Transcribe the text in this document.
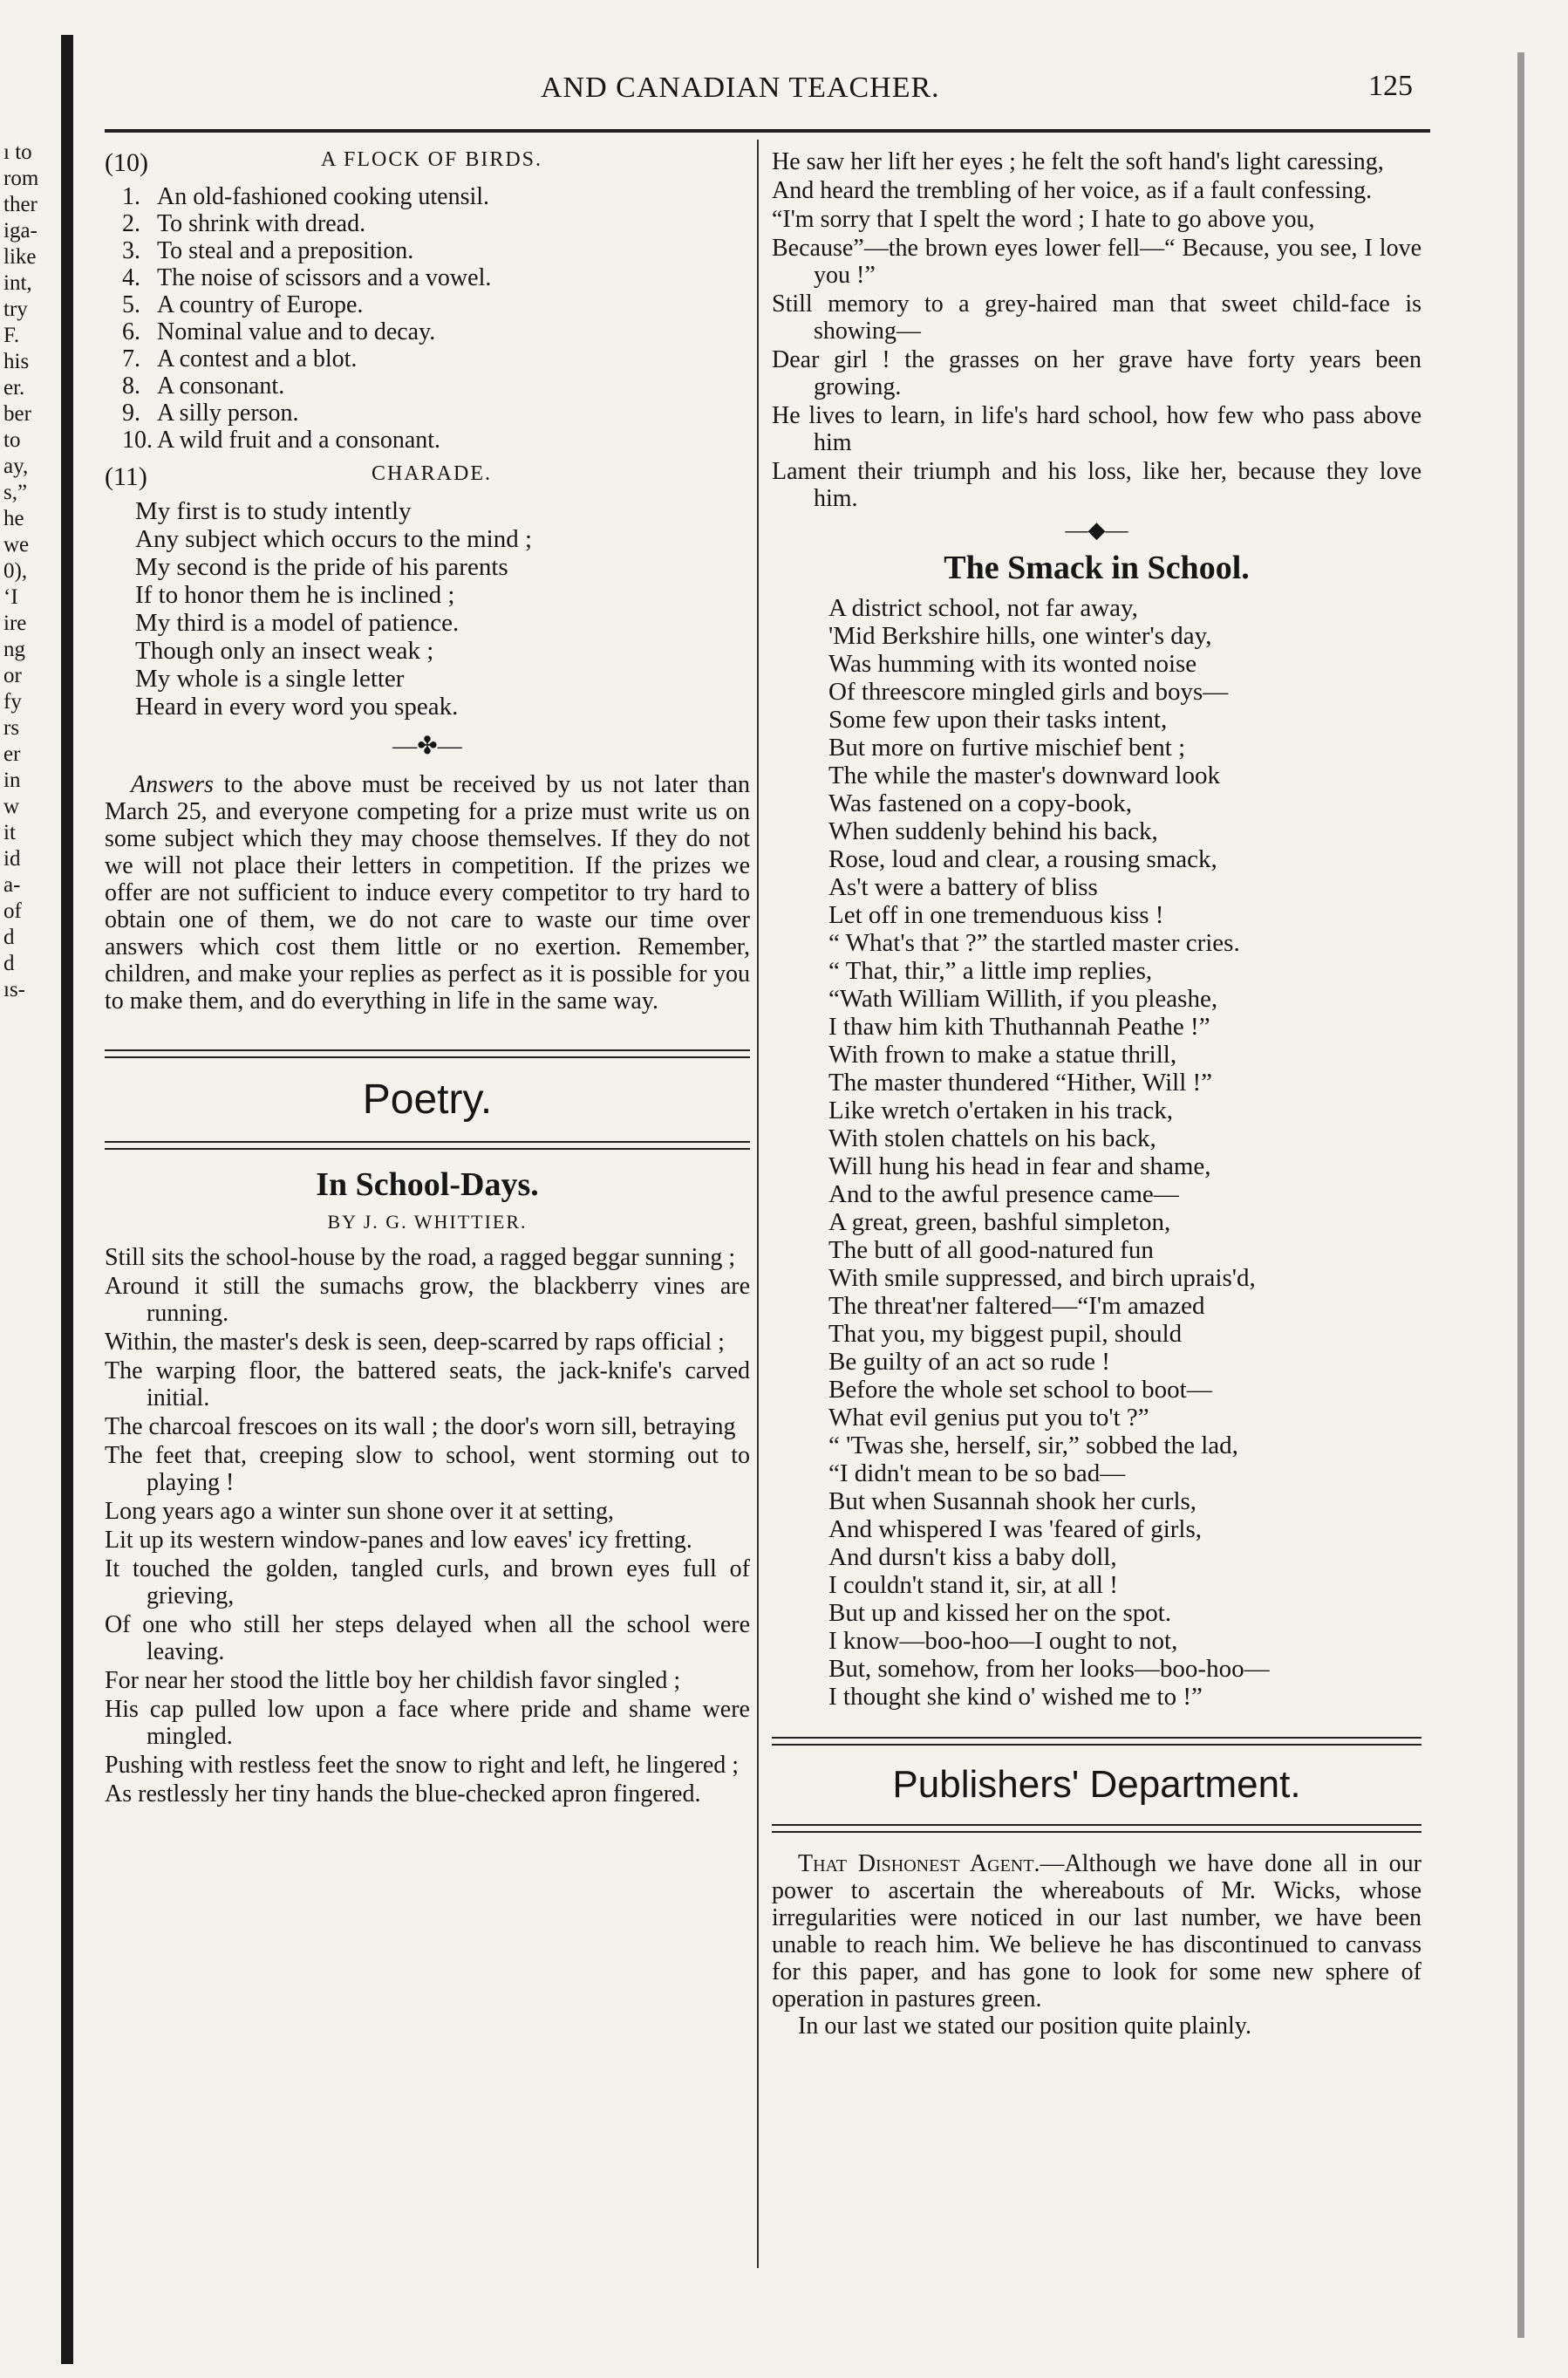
ı to
rom
ther
iga-
like
int,
try
F.
his
er.
ber
to
ay,
s,”
he
we
0),
‘I
ire
ng
or
fy
rs
er
in
w
it
id
a-
of
d
d
ıs-
AND CANADIAN TEACHER.	125
(10)	A FLOCK OF BIRDS.
1. An old-fashioned cooking utensil.
2. To shrink with dread.
3. To steal and a preposition.
4. The noise of scissors and a vowel.
5. A country of Europe.
6. Nominal value and to decay.
7. A contest and a blot.
8. A consonant.
9. A silly person.
10. A wild fruit and a consonant.
(11)	CHARADE.
My first is to study intently
Any subject which occurs to the mind ;
My second is the pride of his parents
If to honor them he is inclined ;
My third is a model of patience.
Though only an insect weak ;
My whole is a single letter
Heard in every word you speak.
—✤—
Answers to the above must be received by us not later than March 25, and everyone competing for a prize must write us on some subject which they may choose themselves. If they do not we will not place their letters in competition. If the prizes we offer are not sufficient to induce every competitor to try hard to obtain one of them, we do not care to waste our time over answers which cost them little or no exertion. Remember, children, and make your replies as perfect as it is possible for you to make them, and do everything in life in the same way.
Poetry.
In School-Days.
BY J. G. WHITTIER.
Still sits the school-house by the road, a ragged beggar sunning ;
Around it still the sumachs grow, the blackberry vines are running.
Within, the master's desk is seen, deep-scarred by raps official ;
The warping floor, the battered seats, the jack-knife's carved initial.
The charcoal frescoes on its wall ; the door's worn sill, betraying
The feet that, creeping slow to school, went storming out to playing !
Long years ago a winter sun shone over it at setting,
Lit up its western window-panes and low eaves' icy fretting.
It touched the golden, tangled curls, and brown eyes full of grieving,
Of one who still her steps delayed when all the school were leaving.
For near her stood the little boy her childish favor singled ;
His cap pulled low upon a face where pride and shame were mingled.
Pushing with restless feet the snow to right and left, he lingered ;
As restlessly her tiny hands the blue-checked apron fingered.
He saw her lift her eyes ; he felt the soft hand's light caressing,
And heard the trembling of her voice, as if a fault confessing.
“I'm sorry that I spelt the word ; I hate to go above you,
Because”—the brown eyes lower fell—“ Because, you see, I love you !”
Still memory to a grey-haired man that sweet child-face is showing—
Dear girl ! the grasses on her grave have forty years been growing.
He lives to learn, in life's hard school, how few who pass above him
Lament their triumph and his loss, like her, because they love him.
—◆—
The Smack in School.
A district school, not far away,
'Mid Berkshire hills, one winter's day,
Was humming with its wonted noise
Of threescore mingled girls and boys—
Some few upon their tasks intent,
But more on furtive mischief bent ;
The while the master's downward look
Was fastened on a copy-book,
When suddenly behind his back,
Rose, loud and clear, a rousing smack,
As't were a battery of bliss
Let off in one tremenduous kiss !
“ What's that ?” the startled master cries.
“ That, thir,” a little imp replies,
“Wath William Willith, if you pleashe,
I thaw him kith Thuthannah Peathe !”
With frown to make a statue thrill,
The master thundered “Hither, Will !”
Like wretch o'ertaken in his track,
With stolen chattels on his back,
Will hung his head in fear and shame,
And to the awful presence came—
A great, green, bashful simpleton,
The butt of all good-natured fun
With smile suppressed, and birch uprais'd,
The threat'ner faltered—“I'm amazed
That you, my biggest pupil, should
Be guilty of an act so rude !
Before the whole set school to boot—
What evil genius put you to't ?”
“ 'Twas she, herself, sir,” sobbed the lad,
“I didn't mean to be so bad—
But when Susannah shook her curls,
And whispered I was 'feared of girls,
And dursn't kiss a baby doll,
I couldn't stand it, sir, at all !
But up and kissed her on the spot.
I know—boo-hoo—I ought to not,
But, somehow, from her looks—boo-hoo—
I thought she kind o' wished me to !”
Publishers' Department.
That Dishonest Agent.—Although we have done all in our power to ascertain the whereabouts of Mr. Wicks, whose irregularities were noticed in our last number, we have been unable to reach him. We believe he has discontinued to canvass for this paper, and has gone to look for some new sphere of operation in pastures green.
In our last we stated our position quite plainly.
